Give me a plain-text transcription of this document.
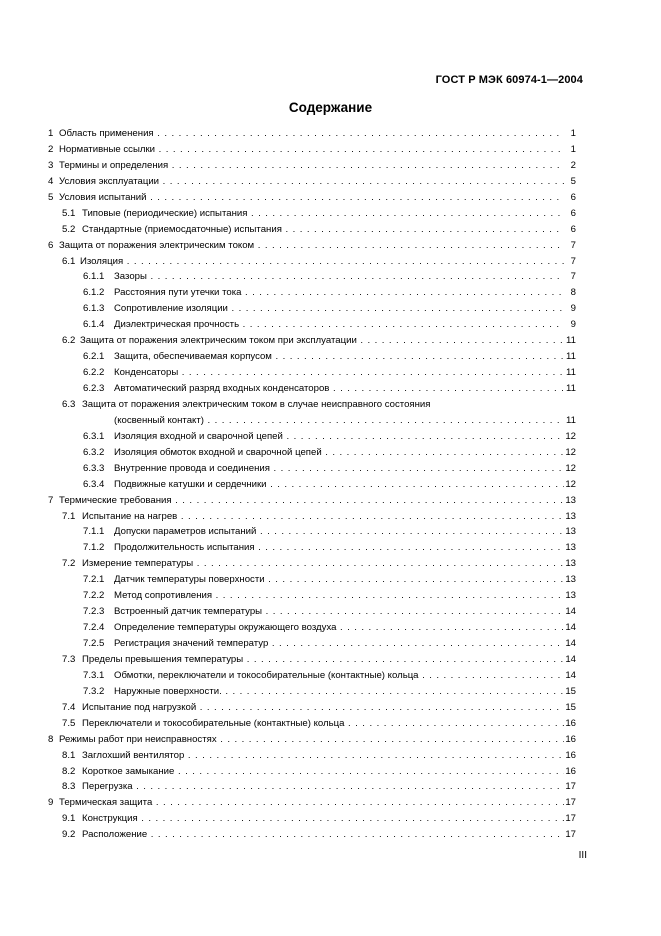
ГОСТ Р МЭК 60974-1—2004
Содержание
1 Область применения . . .	1
2 Нормативные ссылки . . .	1
3 Термины и определения . . .	2
4 Условия эксплуатации . . .	5
5 Условия испытаний . . .	6
5.1 Типовые (периодические) испытания . . .	6
5.2 Стандартные (приемосдаточные) испытания . . .	6
6 Защита от поражения электрическим током . . .	7
6.1 Изоляция . . .	7
6.1.1 Зазоры . . .	7
6.1.2 Расстояния пути утечки тока . . .	8
6.1.3 Сопротивление изоляции . . .	9
6.1.4 Диэлектрическая прочность . . .	9
6.2 Защита от поражения электрическим током при эксплуатации . . .	11
6.2.1 Защита, обеспечиваемая корпусом . . .	11
6.2.2 Конденсаторы . . .	11
6.2.3 Автоматический разряд входных конденсаторов . . .	11
6.3 Защита от поражения электрическим током в случае неисправного состояния
(косвенный контакт) . . .	11
6.3.1 Изоляция входной и сварочной цепей . . .	12
6.3.2 Изоляция обмоток входной и сварочной цепей . . .	12
6.3.3 Внутренние провода и соединения . . .	12
6.3.4 Подвижные катушки и сердечники . . .	12
7 Термические требования . . .	13
7.1 Испытание на нагрев . . .	13
7.1.1 Допуски параметров испытаний . . .	13
7.1.2 Продолжительность испытания . . .	13
7.2 Измерение температуры . . .	13
7.2.1 Датчик температуры поверхности . . .	13
7.2.2 Метод сопротивления . . .	13
7.2.3 Встроенный датчик температуры . . .	14
7.2.4 Определение температуры окружающего воздуха . . .	14
7.2.5 Регистрация значений температур . . .	14
7.3 Пределы превышения температуры . . .	14
7.3.1 Обмотки, переключатели и токособирательные (контактные) кольца . . .	14
7.3.2 Наружные поверхности. . . .	15
7.4 Испытание под нагрузкой . . .	15
7.5 Переключатели и токособирательные (контактные) кольца . . .	16
8 Режимы работ при неисправностях . . .	16
8.1 Заглохший вентилятор . . .	16
8.2 Короткое замыкание . . .	16
8.3 Перегрузка . . .	17
9 Термическая защита . . .	17
9.1 Конструкция . . .	17
9.2 Расположение . . .	17
III
